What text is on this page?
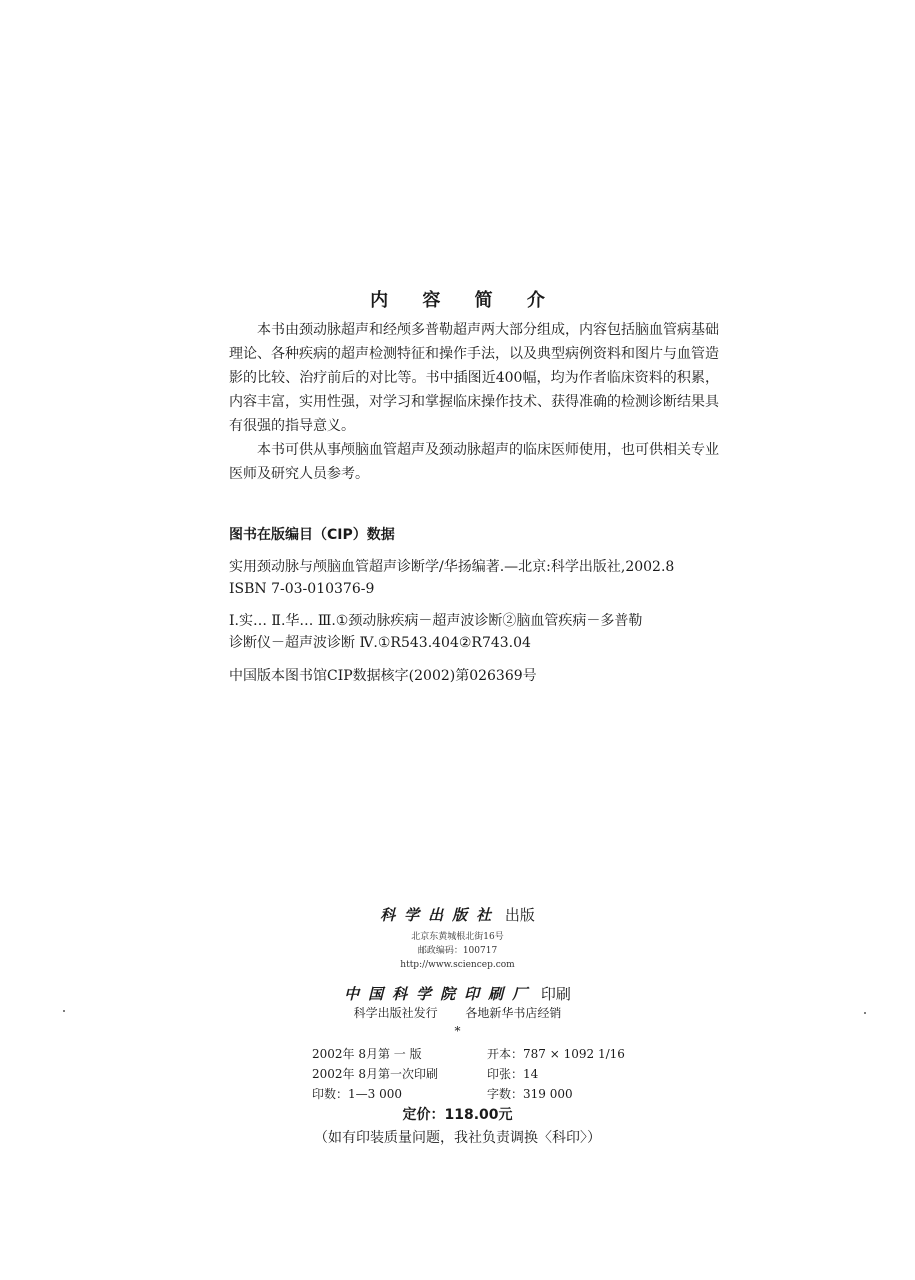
内 容 简 介

本书由颈动脉超声和经颅多普勒超声两大部分组成，内容包括脑血管病基础理论、各种疾病的超声检测特征和操作手法，以及典型病例资料和图片与血管造影的比较、治疗前后的对比等。书中插图近400幅，均为作者临床资料的积累，内容丰富，实用性强，对学习和掌握临床操作技术、获得准确的检测诊断结果具有很强的指导意义。

本书可供从事颅脑血管超声及颈动脉超声的临床医师使用，也可供相关专业医师及研究人员参考。

图书在版编目（CIP）数据
实用颈动脉与颅脑血管超声诊断学/华扬编著.—北京:科学出版社,2002.8
ISBN 7-03-010376-9
Ⅰ.实… Ⅱ.华… Ⅲ.①颈动脉疾病－超声波诊断②脑血管疾病－多普勒
诊断仪－超声波诊断 Ⅳ.①R543.404②R743.04
中国版本图书馆CIP数据核字(2002)第026369号
科学出版社 出版
北京东黄城根北街16号
邮政编码：100717
http://www.sciencep.com
中国科学院印刷厂 印刷
科学出版社发行 各地新华书店经销
*
2002年 8月第 一 版	开本：787 × 1092 1/16
2002年 8月第一次印刷	印张：14
印数：1—3 000	字数：319 000
定价：118.00元
（如有印装质量问题，我社负责调换〈科印〉）
